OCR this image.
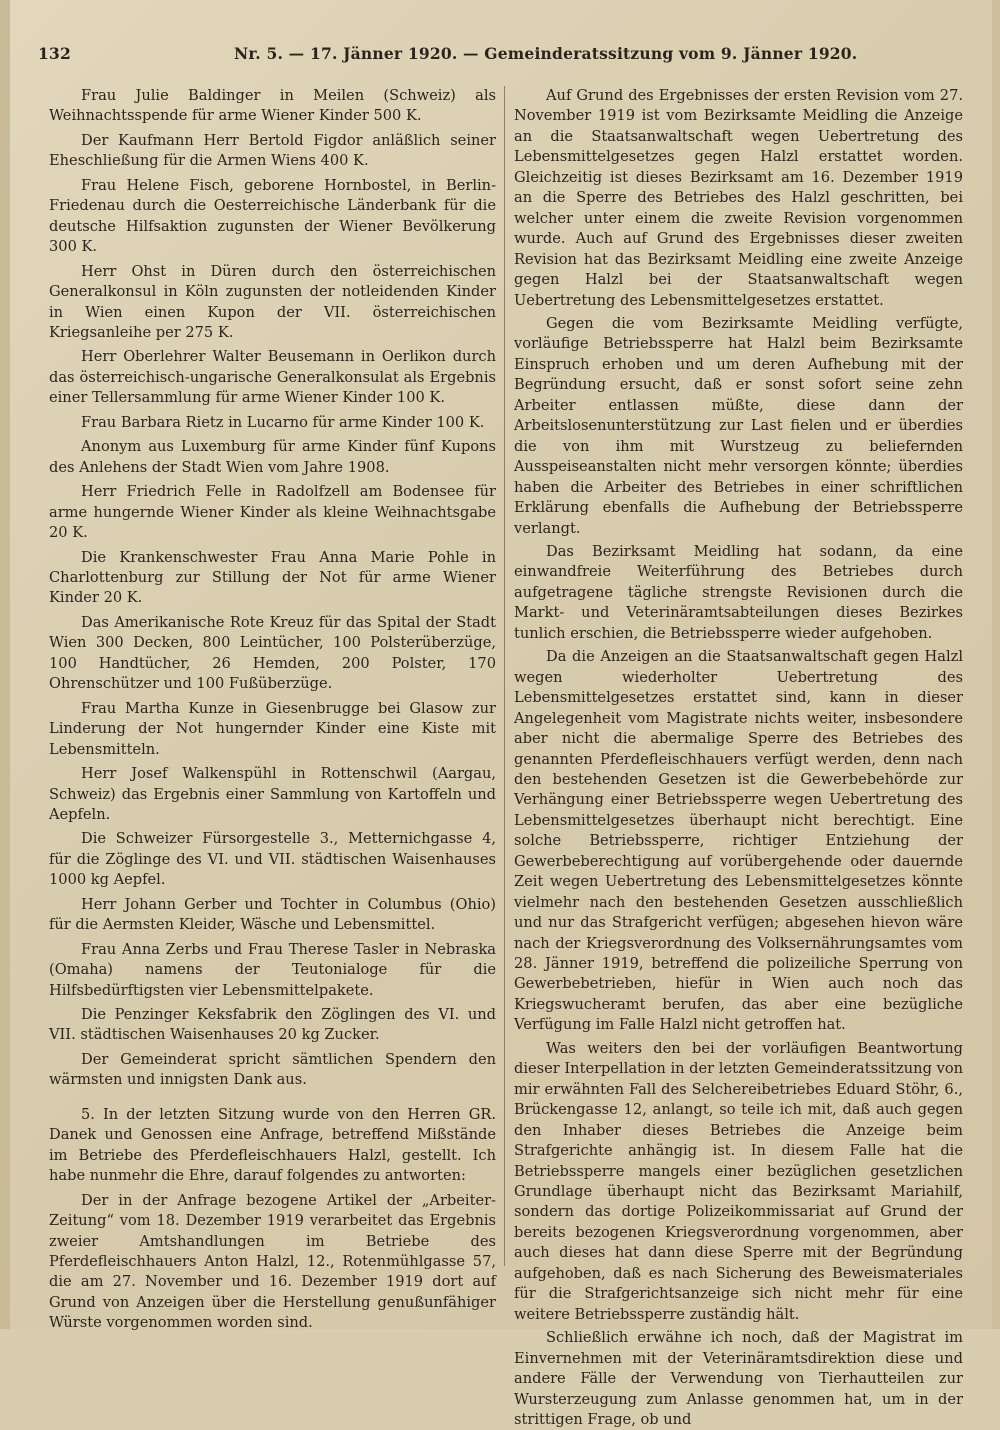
132	Nr. 5. — 17. Jänner 1920. — Gemeinderatssitzung vom 9. Jänner 1920.

Frau Julie Baldinger in Meilen (Schweiz) als Weihnachtsspende für arme Wiener Kinder 500 K.

Der Kaufmann Herr Bertold Figdor anläßlich seiner Eheschließung für die Armen Wiens 400 K.

Frau Helene Fisch, geborene Hornbostel, in Berlin-Friedenau durch die Oesterreichische Länderbank für die deutsche Hilfsaktion zugunsten der Wiener Bevölkerung 300 K.

Herr Ohst in Düren durch den österreichischen Generalkonsul in Köln zugunsten der notleidenden Kinder in Wien einen Kupon der VII. österreichischen Kriegsanleihe per 275 K.

Herr Oberlehrer Walter Beusemann in Oerlikon durch das österreichisch-ungarische Generalkonsulat als Ergebnis einer Tellersammlung für arme Wiener Kinder 100 K.

Frau Barbara Rietz in Lucarno für arme Kinder 100 K.

Anonym aus Luxemburg für arme Kinder fünf Kupons des Anlehens der Stadt Wien vom Jahre 1908.

Herr Friedrich Felle in Radolfzell am Bodensee für arme hungernde Wiener Kinder als kleine Weihnachtsgabe 20 K.

Die Krankenschwester Frau Anna Marie Pohle in Charlottenburg zur Stillung der Not für arme Wiener Kinder 20 K.

Das Amerikanische Rote Kreuz für das Spital der Stadt Wien 300 Decken, 800 Leintücher, 100 Polsterüberzüge, 100 Handtücher, 26 Hemden, 200 Polster, 170 Ohrenschützer und 100 Fußüberzüge.

Frau Martha Kunze in Giesenbrugge bei Glasow zur Linderung der Not hungernder Kinder eine Kiste mit Lebensmitteln.

Herr Josef Walkenspühl in Rottenschwil (Aargau, Schweiz) das Ergebnis einer Sammlung von Kartoffeln und Aepfeln.

Die Schweizer Fürsorgestelle 3., Metternichgasse 4, für die Zöglinge des VI. und VII. städtischen Waisenhauses 1000 kg Aepfel.

Herr Johann Gerber und Tochter in Columbus (Ohio) für die Aermsten Kleider, Wäsche und Lebensmittel.

Frau Anna Zerbs und Frau Therese Tasler in Nebraska (Omaha) namens der Teutonialoge für die Hilfsbedürftigsten vier Lebensmittelpakete.

Die Penzinger Keksfabrik den Zöglingen des VI. und VII. städtischen Waisenhauses 20 kg Zucker.

Der Gemeinderat spricht sämtlichen Spendern den wärmsten und innigsten Dank aus.

5. In der letzten Sitzung wurde von den Herren GR. Danek und Genossen eine Anfrage, betreffend Mißstände im Betriebe des Pferdefleischhauers Halzl, gestellt. Ich habe nunmehr die Ehre, darauf folgendes zu antworten:

Der in der Anfrage bezogene Artikel der „Arbeiter-Zeitung“ vom 18. Dezember 1919 verarbeitet das Ergebnis zweier Amtshandlungen im Betriebe des Pferdefleischhauers Anton Halzl, 12., Rotenmühlgasse 57, die am 27. November und 16. Dezember 1919 dort auf Grund von Anzeigen über die Herstellung genußunfähiger Würste vorgenommen worden sind.

Auf Grund des Ergebnisses der ersten Revision vom 27. November 1919 ist vom Bezirksamte Meidling die Anzeige an die Staatsanwaltschaft wegen Uebertretung des Lebensmittelgesetzes gegen Halzl erstattet worden. Gleichzeitig ist dieses Bezirksamt am 16. Dezember 1919 an die Sperre des Betriebes des Halzl geschritten, bei welcher unter einem die zweite Revision vorgenommen wurde. Auch auf Grund des Ergebnisses dieser zweiten Revision hat das Bezirksamt Meidling eine zweite Anzeige gegen Halzl bei der Staatsanwaltschaft wegen Uebertretung des Lebensmittelgesetzes erstattet.

Gegen die vom Bezirksamte Meidling verfügte, vorläufige Betriebssperre hat Halzl beim Bezirksamte Einspruch erhoben und um deren Aufhebung mit der Begründung ersucht, daß er sonst sofort seine zehn Arbeiter entlassen müßte, diese dann der Arbeitslosenunterstützung zur Last fielen und er überdies die von ihm mit Wurstzeug zu beliefernden Ausspeiseanstalten nicht mehr versorgen könnte; überdies haben die Arbeiter des Betriebes in einer schriftlichen Erklärung ebenfalls die Aufhebung der Betriebssperre verlangt.

Das Bezirksamt Meidling hat sodann, da eine einwandfreie Weiterführung des Betriebes durch aufgetragene tägliche strengste Revisionen durch die Markt- und Veterinäramtsabteilungen dieses Bezirkes tunlich erschien, die Betriebssperre wieder aufgehoben.

Da die Anzeigen an die Staatsanwaltschaft gegen Halzl wegen wiederholter Uebertretung des Lebensmittelgesetzes erstattet sind, kann in dieser Angelegenheit vom Magistrate nichts weiter, insbesondere aber nicht die abermalige Sperre des Betriebes des genannten Pferdefleischhauers verfügt werden, denn nach den bestehenden Gesetzen ist die Gewerbebehörde zur Verhängung einer Betriebssperre wegen Uebertretung des Lebensmittelgesetzes überhaupt nicht berechtigt. Eine solche Betriebssperre, richtiger Entziehung der Gewerbeberechtigung auf vorübergehende oder dauernde Zeit wegen Uebertretung des Lebensmittelgesetzes könnte vielmehr nach den bestehenden Gesetzen ausschließlich und nur das Strafgericht verfügen; abgesehen hievon wäre nach der Kriegsverordnung des Volksernährungsamtes vom 28. Jänner 1919, betreffend die polizeiliche Sperrung von Gewerbebetrieben, hiefür in Wien auch noch das Kriegswucheramt berufen, das aber eine bezügliche Verfügung im Falle Halzl nicht getroffen hat.

Was weiters den bei der vorläufigen Beantwortung dieser Interpellation in der letzten Gemeinderatssitzung von mir erwähnten Fall des Selchereibetriebes Eduard Stöhr, 6., Brückengasse 12, anlangt, so teile ich mit, daß auch gegen den Inhaber dieses Betriebes die Anzeige beim Strafgerichte anhängig ist. In diesem Falle hat die Betriebssperre mangels einer bezüglichen gesetzlichen Grundlage überhaupt nicht das Bezirksamt Mariahilf, sondern das dortige Polizeikommissariat auf Grund der bereits bezogenen Kriegsverordnung vorgenommen, aber auch dieses hat dann diese Sperre mit der Begründung aufgehoben, daß es nach Sicherung des Beweismateriales für die Strafgerichtsanzeige sich nicht mehr für eine weitere Betriebssperre zuständig hält.

Schließlich erwähne ich noch, daß der Magistrat im Einvernehmen mit der Veterinäramtsdirektion diese und andere Fälle der Verwendung von Tierhautteilen zur Wursterzeugung zum Anlasse genommen hat, um in der strittigen Frage, ob und
